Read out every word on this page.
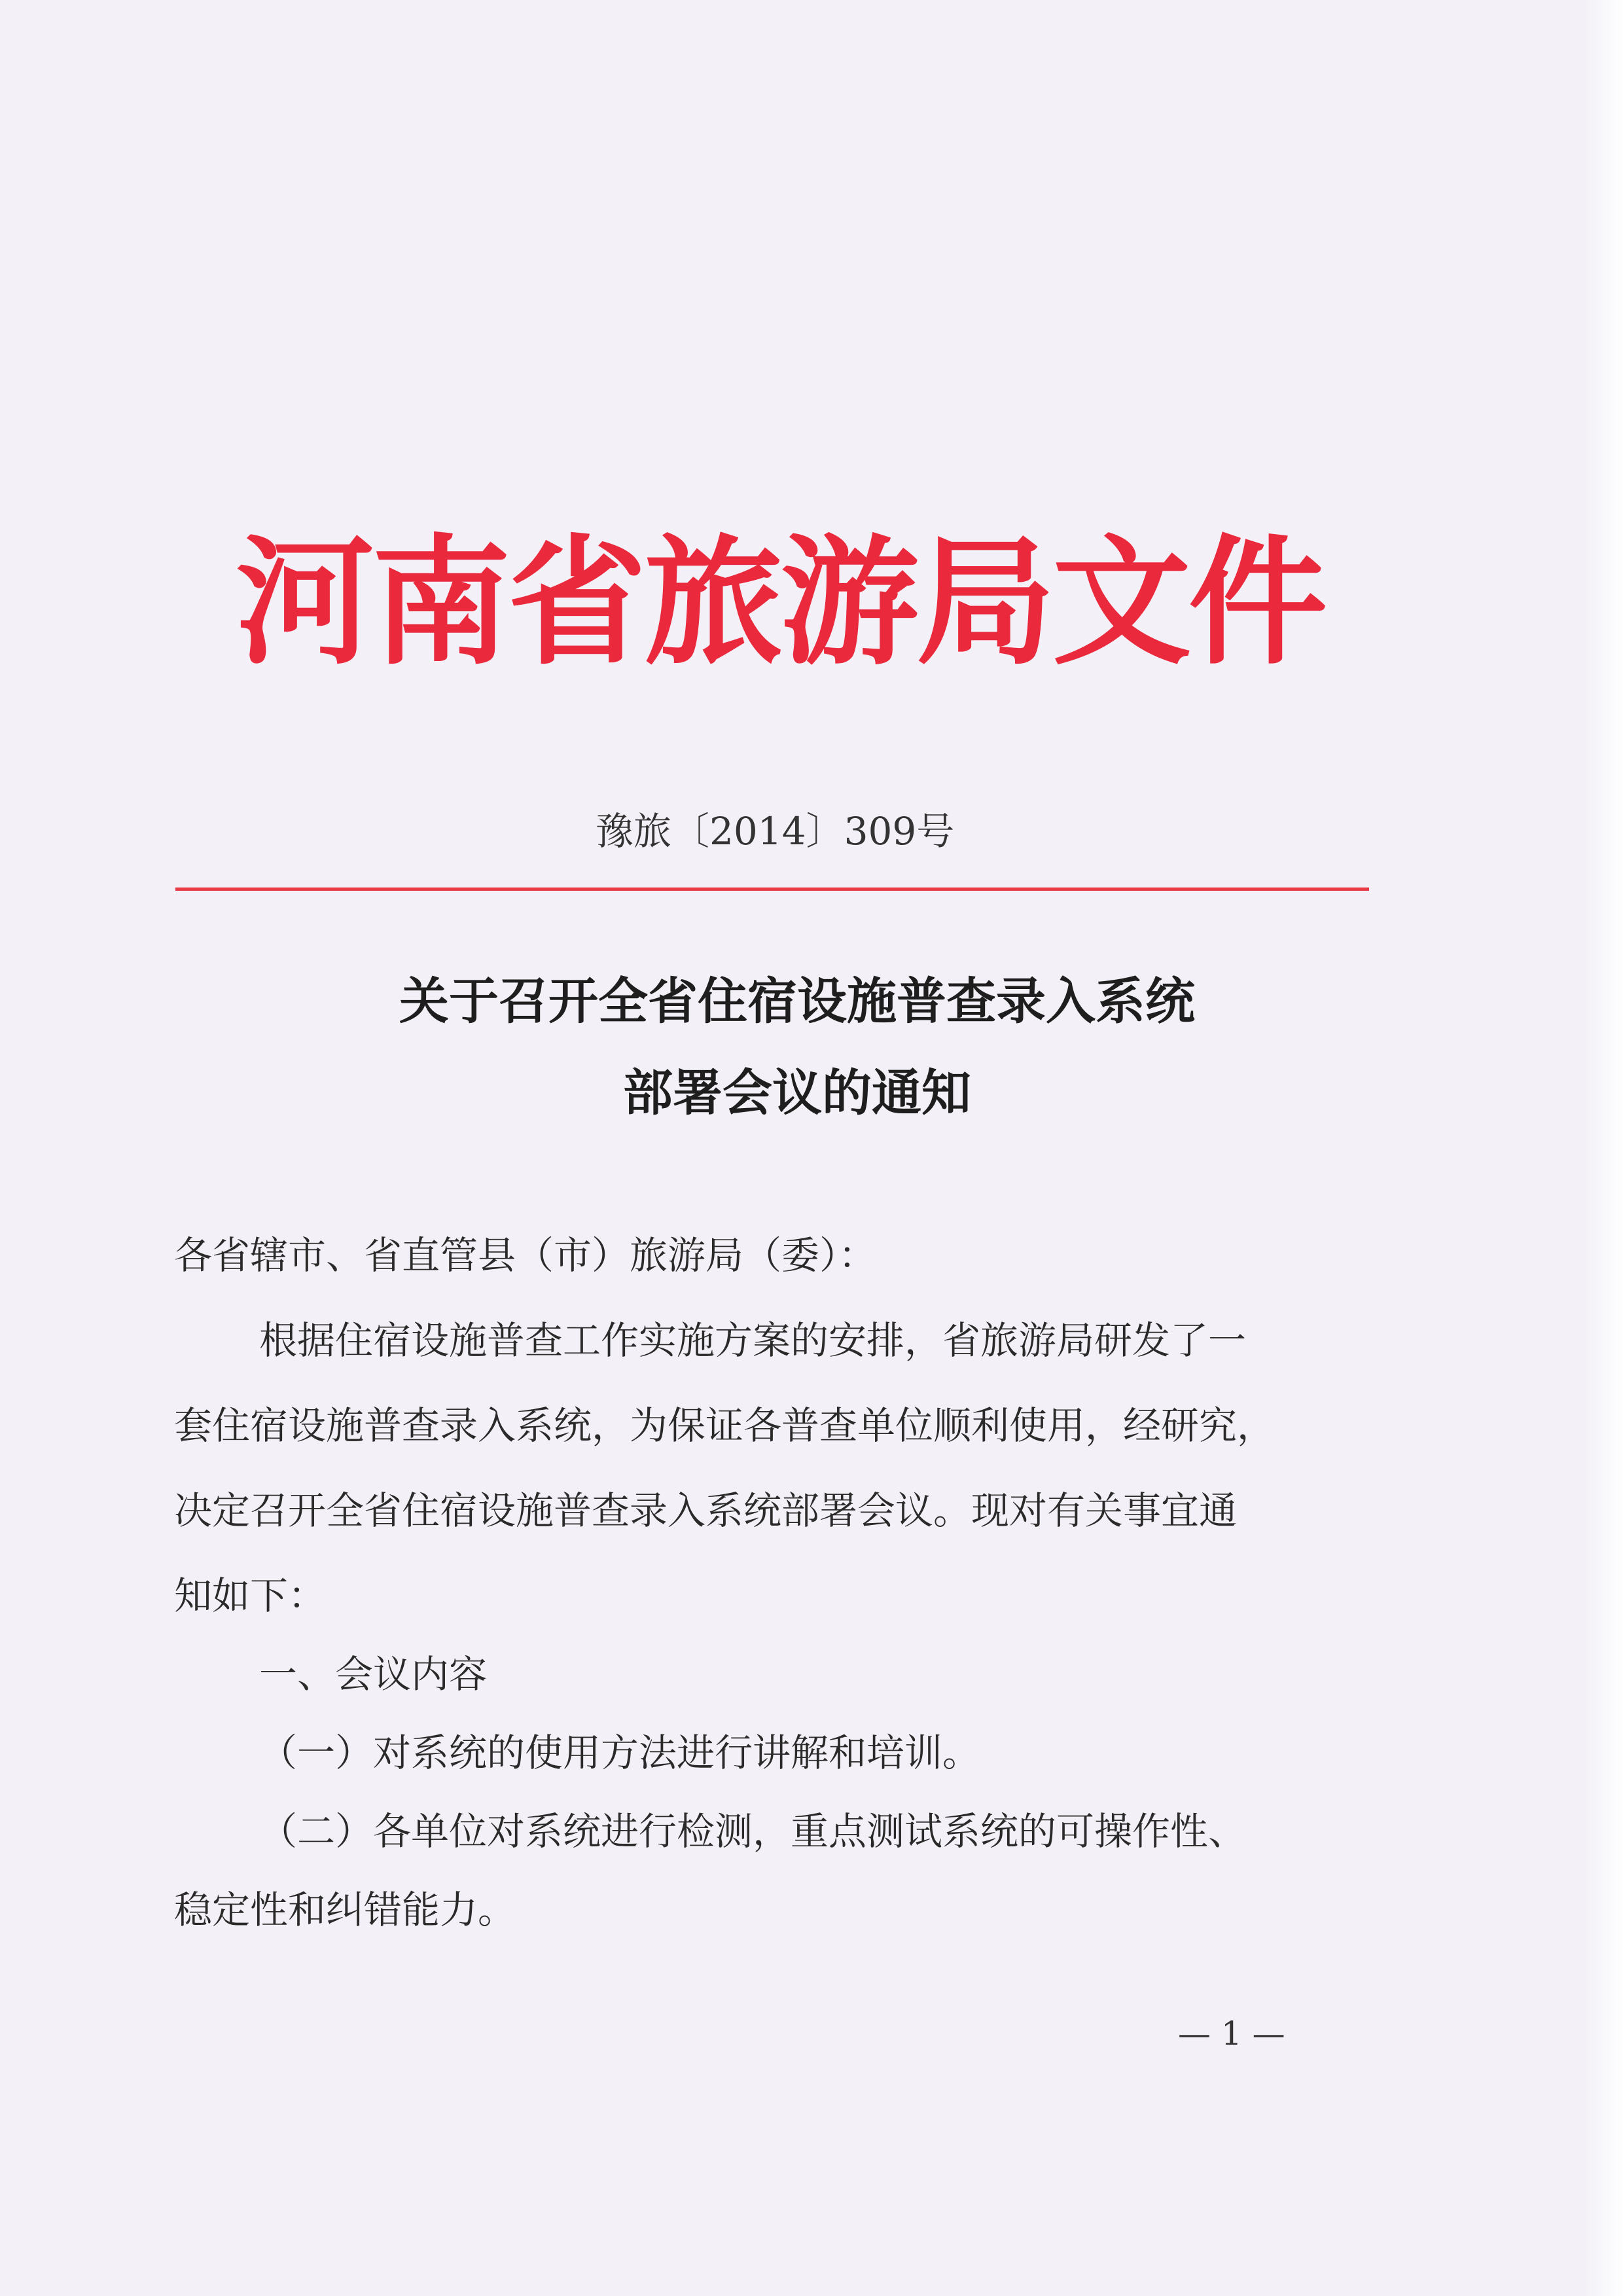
河南省旅游局文件
豫旅〔2014〕309号
关于召开全省住宿设施普查录入系统
部署会议的通知
各省辖市、省直管县（市）旅游局（委）：
根据住宿设施普查工作实施方案的安排，省旅游局研发了一
套住宿设施普查录入系统，为保证各普查单位顺利使用，经研究，
决定召开全省住宿设施普查录入系统部署会议。现对有关事宜通
知如下：
一、会议内容
（一）对系统的使用方法进行讲解和培训。
（二）各单位对系统进行检测，重点测试系统的可操作性、
稳定性和纠错能力。
— 1 —
